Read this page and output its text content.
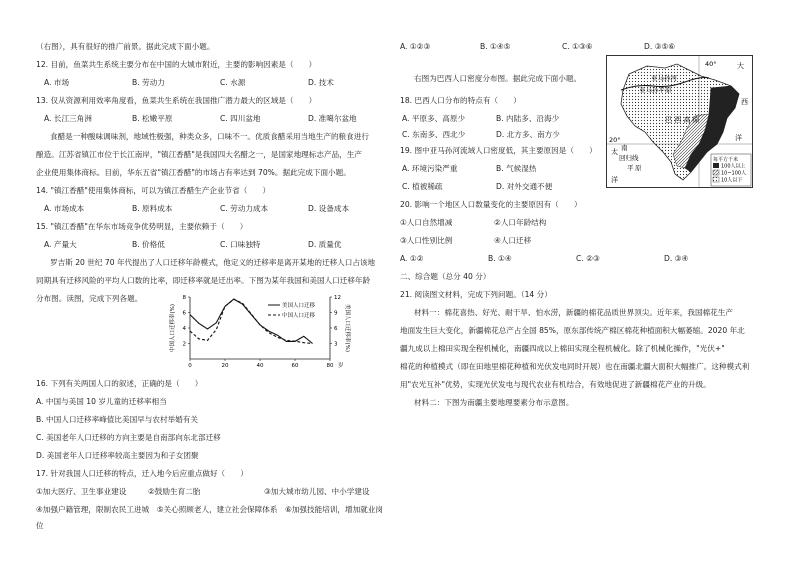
（右图），具有很好的推广前景。据此完成下面小题。
12. 目前，鱼菜共生系统主要分布在中国的大城市附近，主要的影响因素是（　　）
A. 市场	B. 劳动力	C. 水源	D. 技术
13. 仅从资源利用效率角度看，鱼菜共生系统在我国推广潜力最大的区域是（　　）
A. 长江三角洲	B. 松嫩平原	C. 四川盆地	D. 准噶尔盆地
食醋是一种酸味调味剂，地域性极强，种类众多，口味不一。优质食醋采用当地生产的粮食进行
酿造。江苏省镇江市位于长江南岸，"镇江香醋"是我国四大名醋之一，是国家地理标志产品，生产
企业使用集体商标。目前，华东五省"镇江香醋"的市场占有率达到 70%。据此完成下面小题。
14. "镇江香醋"使用集体商标，可以为镇江香醋生产企业节省（　　）
A. 市场成本	B. 原料成本	C. 劳动力成本	D. 设备成本
15. "镇江香醋"在华东市场竞争优势明显，主要依赖于（　　）
A. 产量大	B. 价格低	C. 口味独特	D. 质量优
罗吉斯 20 世纪 70 年代提出了人口迁移年龄模式，他定义的迁移率是离开某地的迁移人口占该地
同期具有迁移风险的平均人口数的比率，即迁移率就是迁出率。下图为某年我国和美国人口迁移年龄
分布图。读图，完成下列各题。
0	20	40	60	80 岁
8
6
4
2
12
9
6
3
中国人口迁移率(%)	美国人口迁移率(%)
美国人口迁移
中国人口迁移
16. 下列有关两国人口的叙述，正确的是（　　）
A. 中国与美国 10 岁儿童的迁移率相当
B. 中国人口迁移率峰值比美国早与农村举婚有关
C. 美国老年人口迁移的方向主要是自南部向东北部迁移
D. 美国老年人口迁移率较高主要因为和子女团聚
17. 针对我国人口迁移的特点，迁入地今后应重点做好（　　）
①加大医疗、卫生事业建设	②鼓励生育二胎	③加大城市幼儿园、中小学建设
④加强户籍管理，限制农民工进城　⑤关心照顾老人，建立社会保障体系　⑥加强技能培训，增加就业岗
位
A. ①②③	B. ①④⑤	C. ①③⑥	D. ③⑤⑥
右图为巴西人口密度分布图。据此完成下面小题。
18. 巴西人口分布的特点有（　　）
A. 平原多、高原少	B. 内陆多、沿海少
C. 东南多、西北少	D. 北方多、南方少
19. 图中亚马孙河流域人口密度低，其主要原因是（　　）
A. 环境污染严重	B. 气候湿热
C. 植被稀疏	D. 对外交通不便
20. 影响一个地区人口数量变化的主要原因有（　　）
①人口自然增减	②人口年龄结构
③人口性别比例	④人口迁移
A. ①②	B. ①④	C. ②③	D. ③④
二、综合题（总分 40 分）
21. 阅读图文材料，完成下列问题。（14 分）
材料一：棉花喜热、好光、耐干旱、怕水涝，新疆的棉花品质世界顶尖。近年来，我国棉花生产
地面发生巨大变化，新疆棉花总产占全国 85%，原东部传统产棉区棉花种植面积大幅萎缩。2020 年北
疆九成以上棉田实现全程机械化，南疆四成以上棉田实现全程机械化。除了机械化操作，"光伏+"
棉花的种植模式（即在田地里棉花种植和光伏发电同时开展）也在南疆北疆大面积大幅推广。这种模式利
用"农光互补"优势，实现光伏发电与现代农业有机结合，有效地促进了新疆棉花产业的升级。
材料二：下图为南疆主要地理要素分布示意图。
亚马孙河
亚马孙平原
巴 西 高 原
40°	大
西
洋
20°
太
洋
南
回归线
平 原
每平方千米
100人以上
10~100人
10人以下
